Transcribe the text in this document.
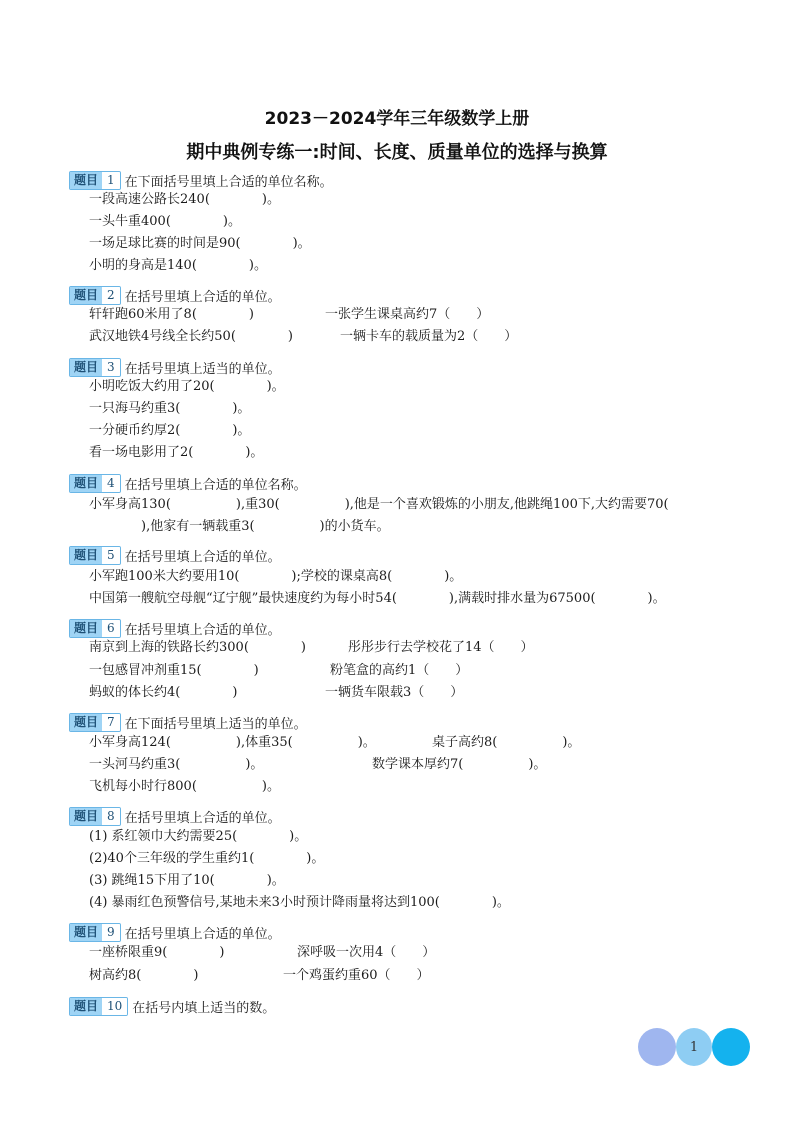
2023－2024学年三年级数学上册
期中典例专练一:时间、长度、质量单位的选择与换算
题目 1 在下面括号里填上合适的单位名称。
一段高速公路长240(　　　　)。
一头牛重400(　　　　)。
一场足球比赛的时间是90(　　　　)。
小明的身高是140(　　　　)。
题目 2 在括号里填上合适的单位。
轩轩跑60米用了8(　　　　)	一张学生课桌高约7（　　）
武汉地铁4号线全长约50(　　　　)	一辆卡车的载质量为2（　　）
题目 3 在括号里填上适当的单位。
小明吃饭大约用了20(　　　　)。
一只海马约重3(　　　　)。
一分硬币约厚2(　　　　)。
看一场电影用了2(　　　　)。
题目 4 在括号里填上合适的单位名称。
小军身高130(　　　　　),重30(　　　　　),他是一个喜欢锻炼的小朋友,他跳绳100下,大约需要70(
　　　　),他家有一辆载重3(　　　　　)的小货车。
题目 5 在括号里填上合适的单位。
小军跑100米大约要用10(　　　　);学校的课桌高8(　　　　)。
中国第一艘航空母舰“辽宁舰”最快速度约为每小时54(　　　　),满载时排水量为67500(　　　　)。
题目 6 在括号里填上合适的单位。
南京到上海的铁路长约300(　　　　)	彤彤步行去学校花了14（　　）
一包感冒冲剂重15(　　　　)	粉笔盒的高约1（　　）
蚂蚁的体长约4(　　　　)	一辆货车限载3（　　）
题目 7 在下面括号里填上适当的单位。
小军身高124(　　　　　),体重35(　　　　　)。	桌子高约8(　　　　　)。
一头河马约重3(　　　　　)。	数学课本厚约7(　　　　　)。
飞机每小时行800(　　　　　)。
题目 8 在括号里填上合适的单位。
(1) 系红领巾大约需要25(　　　　)。
(2)40个三年级的学生重约1(　　　　)。
(3) 跳绳15下用了10(　　　　)。
(4) 暴雨红色预警信号,某地未来3小时预计降雨量将达到100(　　　　)。
题目 9 在括号里填上合适的单位。
一座桥限重9(　　　　)	深呼吸一次用4（　　）
树高约8(　　　　)	一个鸡蛋约重60（　　）
题目 10 在括号内填上适当的数。
1
